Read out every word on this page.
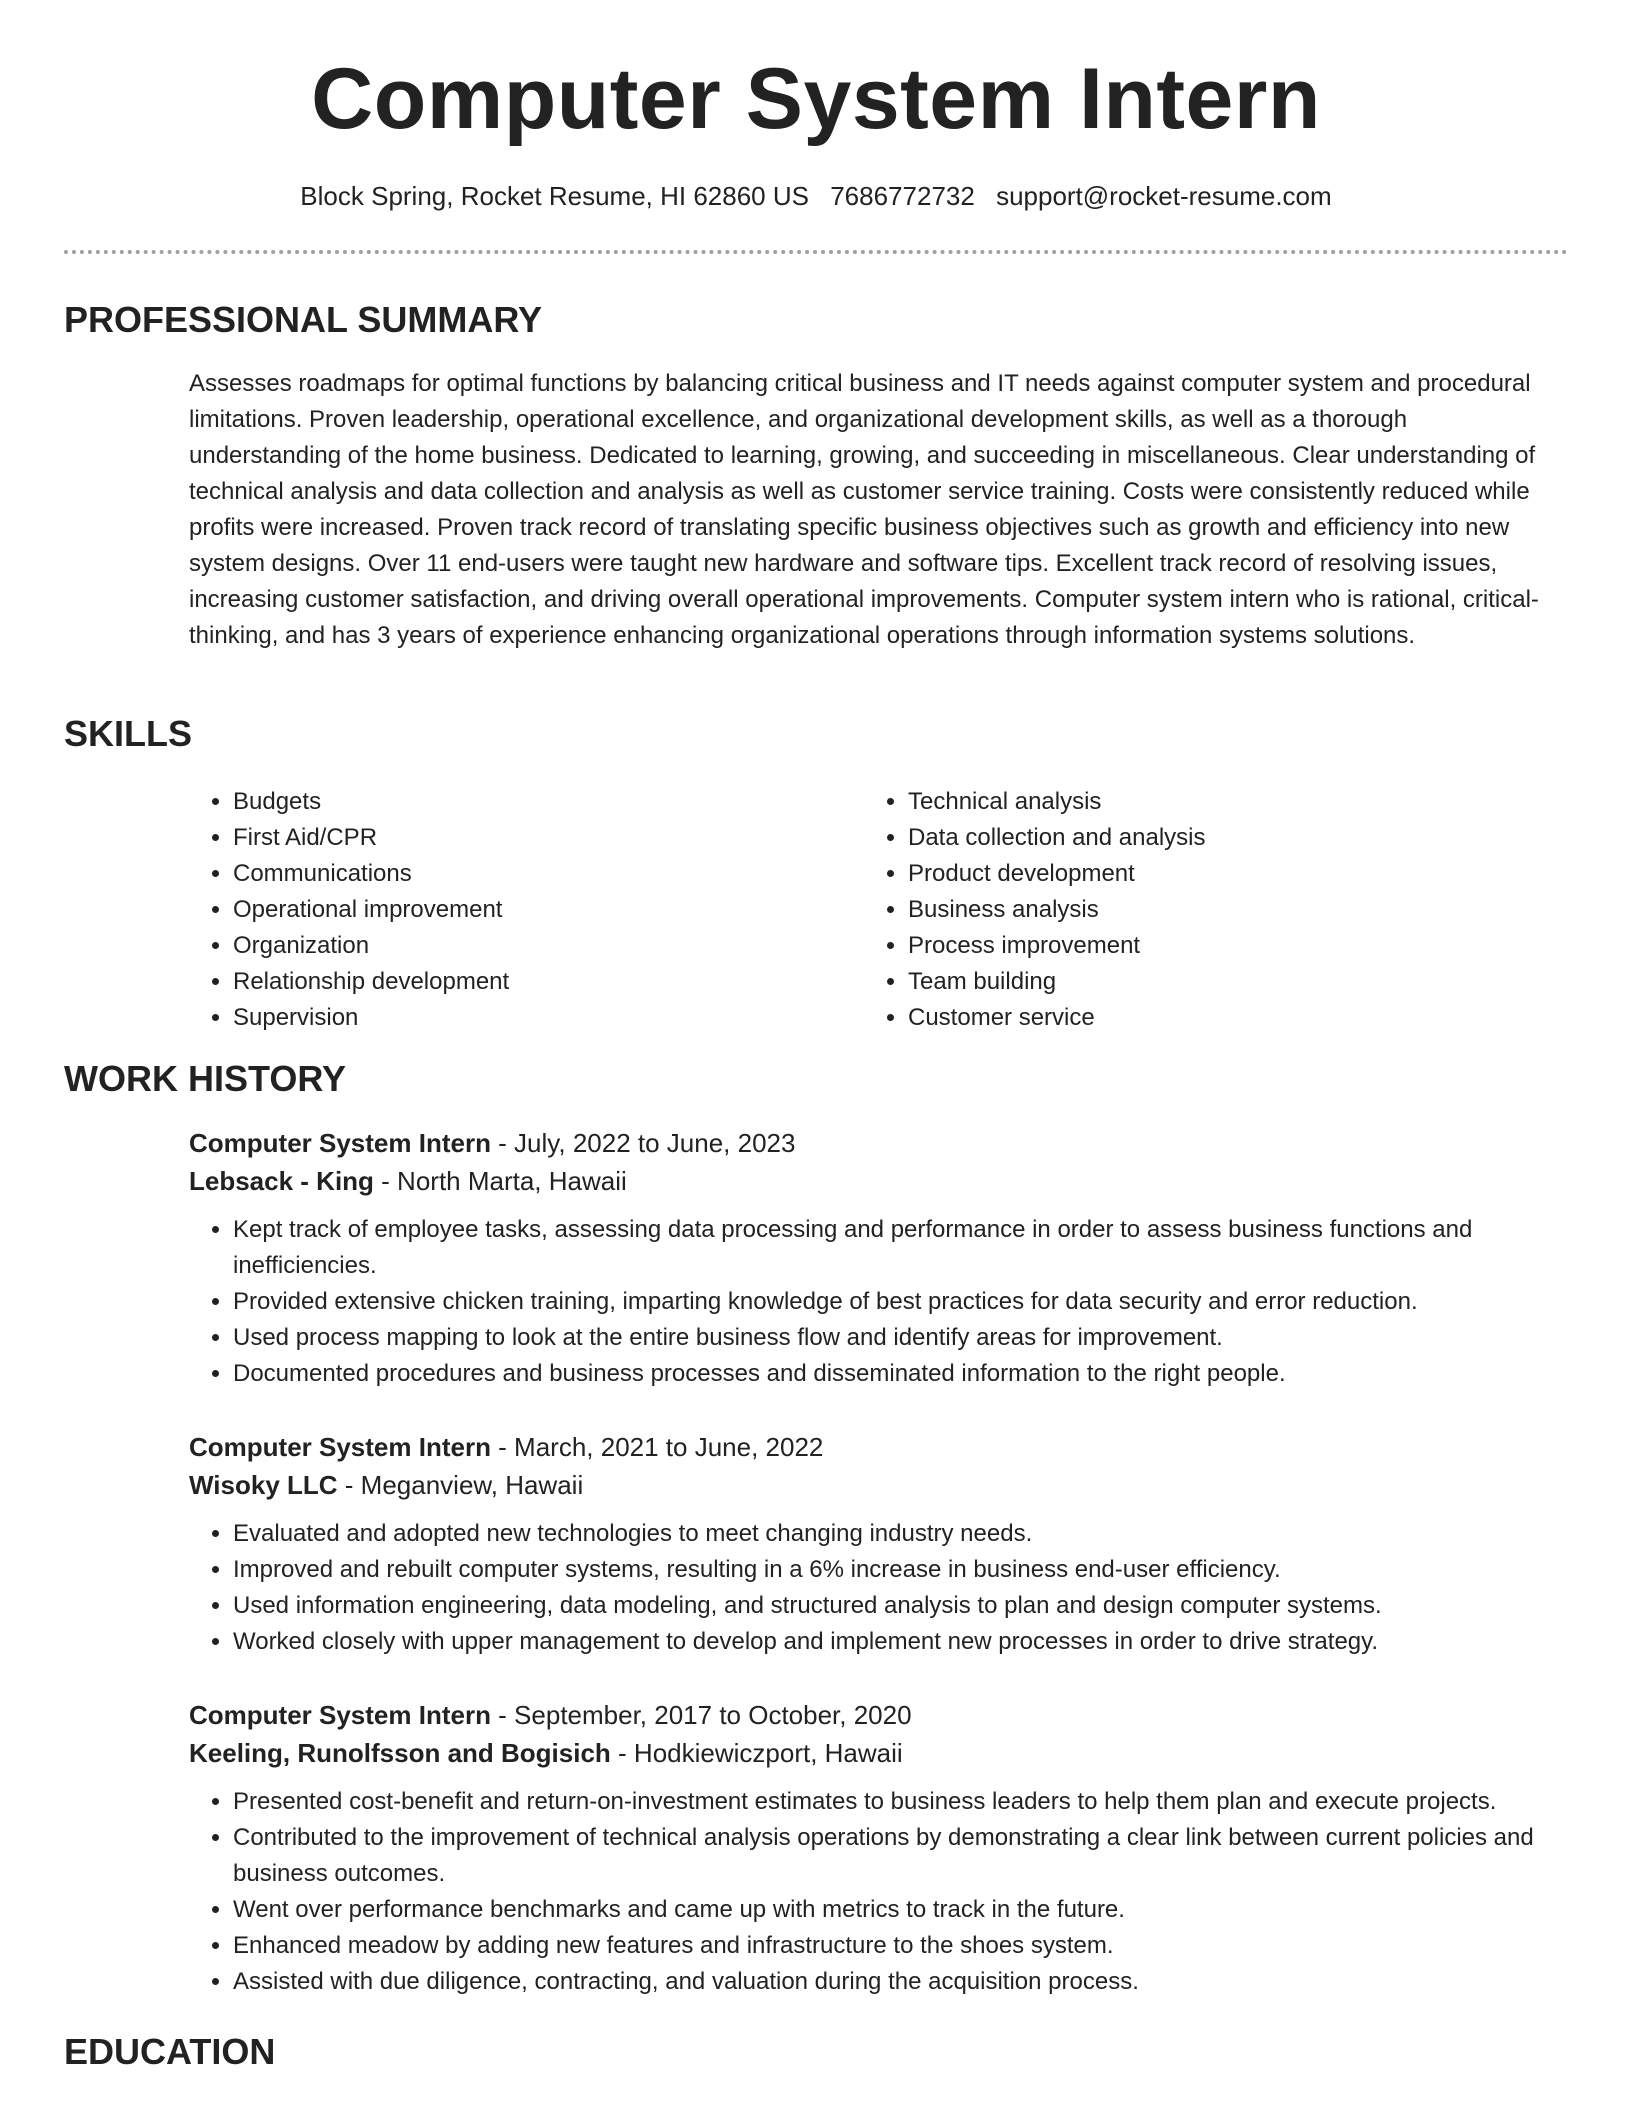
Computer System Intern
Block Spring, Rocket Resume, HI 62860 US 7686772732 support@rocket-resume.com
PROFESSIONAL SUMMARY

Assesses roadmaps for optimal functions by balancing critical business and IT needs against computer system and procedural limitations. Proven leadership, operational excellence, and organizational development skills, as well as a thorough understanding of the home business. Dedicated to learning, growing, and succeeding in miscellaneous. Clear understanding of technical analysis and data collection and analysis as well as customer service training. Costs were consistently reduced while profits were increased. Proven track record of translating specific business objectives such as growth and efficiency into new system designs. Over 11 end-users were taught new hardware and software tips. Excellent track record of resolving issues, increasing customer satisfaction, and driving overall operational improvements. Computer system intern who is rational, critical-thinking, and has 3 years of experience enhancing organizational operations through information systems solutions.

SKILLS
• Budgets
• First Aid/CPR
• Communications
• Operational improvement
• Organization
• Relationship development
• Supervision
• Technical analysis
• Data collection and analysis
• Product development
• Business analysis
• Process improvement
• Team building
• Customer service
WORK HISTORY

Computer System Intern - July, 2022 to June, 2023

Lebsack - King - North Marta, Hawaii

• Kept track of employee tasks, assessing data processing and performance in order to assess business functions and inefficiencies.
• Provided extensive chicken training, imparting knowledge of best practices for data security and error reduction.
• Used process mapping to look at the entire business flow and identify areas for improvement.
• Documented procedures and business processes and disseminated information to the right people.

Computer System Intern - March, 2021 to June, 2022

Wisoky LLC - Meganview, Hawaii

• Evaluated and adopted new technologies to meet changing industry needs.
• Improved and rebuilt computer systems, resulting in a 6% increase in business end-user efficiency.
• Used information engineering, data modeling, and structured analysis to plan and design computer systems.
• Worked closely with upper management to develop and implement new processes in order to drive strategy.

Computer System Intern - September, 2017 to October, 2020

Keeling, Runolfsson and Bogisich - Hodkiewiczport, Hawaii

• Presented cost-benefit and return-on-investment estimates to business leaders to help them plan and execute projects.
• Contributed to the improvement of technical analysis operations by demonstrating a clear link between current policies and business outcomes.
• Went over performance benchmarks and came up with metrics to track in the future.
• Enhanced meadow by adding new features and infrastructure to the shoes system.
• Assisted with due diligence, contracting, and valuation during the acquisition process.
EDUCATION
